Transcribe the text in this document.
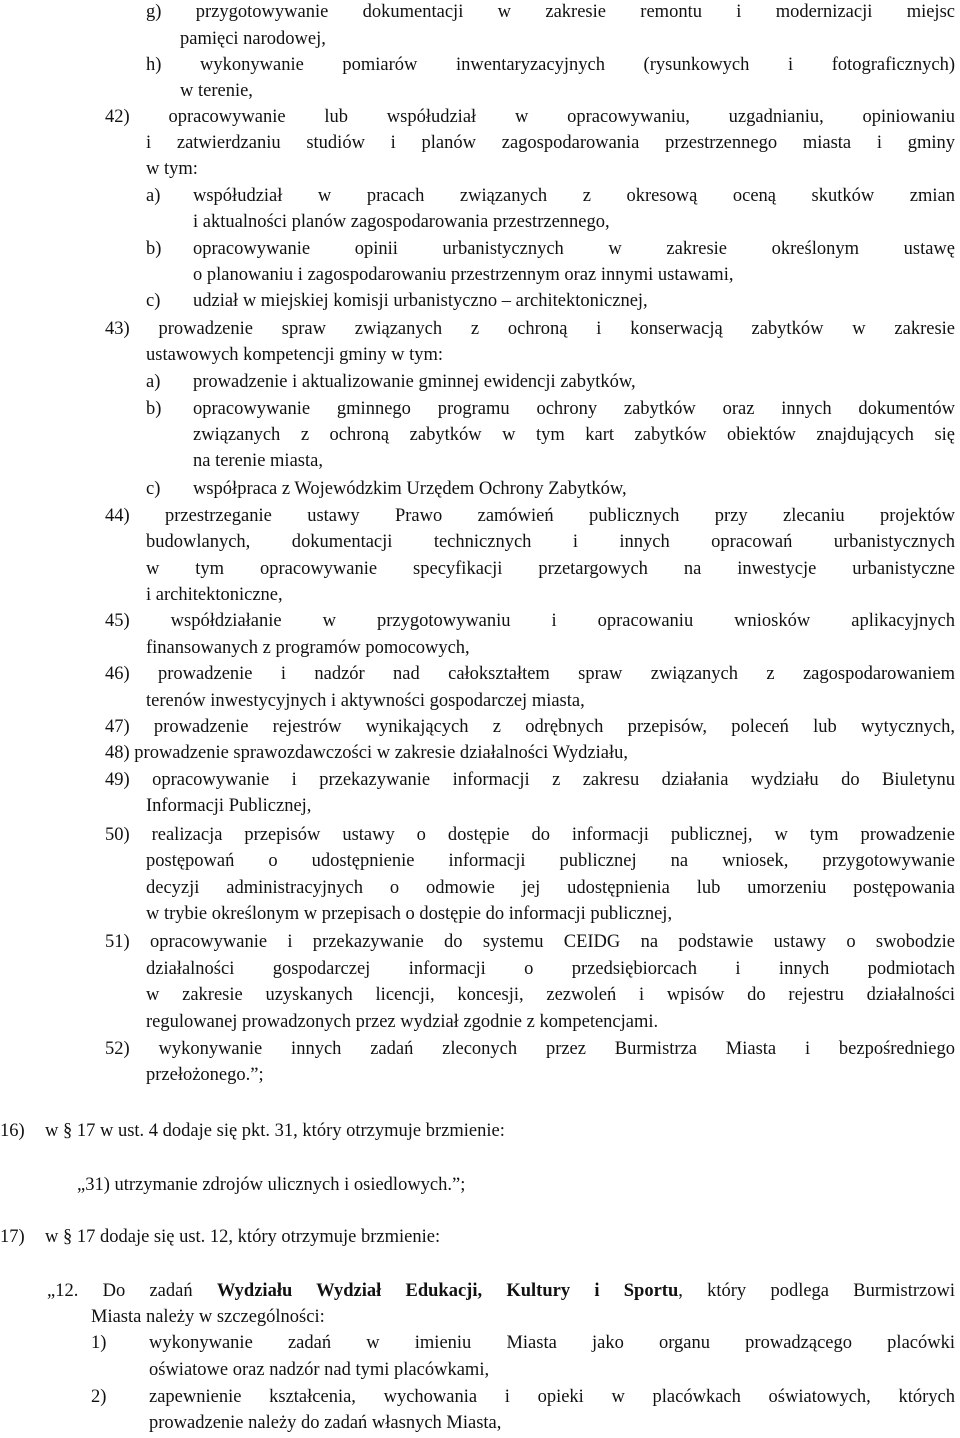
„12. Do zadań Wydziału Wydział Edukacji, Kultury i Sportu, który podlega Burmistrzowi
g) przygotowywanie dokumentacji w zakresie remontu i modernizacji miejsc
pamięci narodowej,
h) wykonywanie pomiarów inwentaryzacyjnych (rysunkowych i fotograficznych)
w terenie,
42) opracowywanie lub współudział w opracowywaniu, uzgadnianiu, opiniowaniu
i zatwierdzaniu studiów i planów zagospodarowania przestrzennego miasta i gminy
w tym:
a) współudział w pracach związanych z okresową oceną skutków zmian
i aktualności planów zagospodarowania przestrzennego,
b) opracowywanie opinii urbanistycznych w zakresie określonym ustawę
o planowaniu i zagospodarowaniu przestrzennym oraz innymi ustawami,
c) udział w miejskiej komisji urbanistyczno – architektonicznej,
43) prowadzenie spraw związanych z ochroną i konserwacją zabytków w zakresie
ustawowych kompetencji gminy w tym:
a) prowadzenie i aktualizowanie gminnej ewidencji zabytków,
b) opracowywanie gminnego programu ochrony zabytków oraz innych dokumentów
związanych z ochroną zabytków w tym kart zabytków obiektów znajdujących się
na terenie miasta,
c) współpraca z Wojewódzkim Urzędem Ochrony Zabytków,
44) przestrzeganie ustawy Prawo zamówień publicznych przy zlecaniu projektów
budowlanych, dokumentacji technicznych i innych opracowań urbanistycznych
w tym opracowywanie specyfikacji przetargowych na inwestycje urbanistyczne
i architektoniczne,
45) współdziałanie w przygotowywaniu i opracowaniu wniosków aplikacyjnych
finansowanych z programów pomocowych,
46) prowadzenie i nadzór nad całokształtem spraw związanych z zagospodarowaniem
terenów inwestycyjnych i aktywności gospodarczej miasta,
47) prowadzenie rejestrów wynikających z odrębnych przepisów, poleceń lub wytycznych,
48) prowadzenie sprawozdawczości w zakresie działalności Wydziału,
49) opracowywanie i przekazywanie informacji z zakresu działania wydziału do Biuletynu
Informacji Publicznej,
50) realizacja przepisów ustawy o dostępie do informacji publicznej, w tym prowadzenie
postępowań o udostępnienie informacji publicznej na wniosek, przygotowywanie
decyzji administracyjnych o odmowie jej udostępnienia lub umorzeniu postępowania
w trybie określonym w przepisach o dostępie do informacji publicznej,
51) opracowywanie i przekazywanie do systemu CEIDG na podstawie ustawy o swobodzie
działalności gospodarczej informacji o przedsiębiorcach i innych podmiotach
w zakresie uzyskanych licencji, koncesji, zezwoleń i wpisów do rejestru działalności
regulowanej prowadzonych przez wydział zgodnie z kompetencjami.
52) wykonywanie innych zadań zleconych przez Burmistrza Miasta i bezpośredniego
przełożonego.”;
16) w § 17 w ust. 4 dodaje się pkt. 31, który otrzymuje brzmienie:
„31) utrzymanie zdrojów ulicznych i osiedlowych.”;
17) w § 17 dodaje się ust. 12, który otrzymuje brzmienie:
Miasta należy w szczególności:
1) wykonywanie zadań w imieniu Miasta jako organu prowadzącego placówki
oświatowe oraz nadzór nad tymi placówkami,
2) zapewnienie kształcenia, wychowania i opieki w placówkach oświatowych, których
prowadzenie należy do zadań własnych Miasta,
